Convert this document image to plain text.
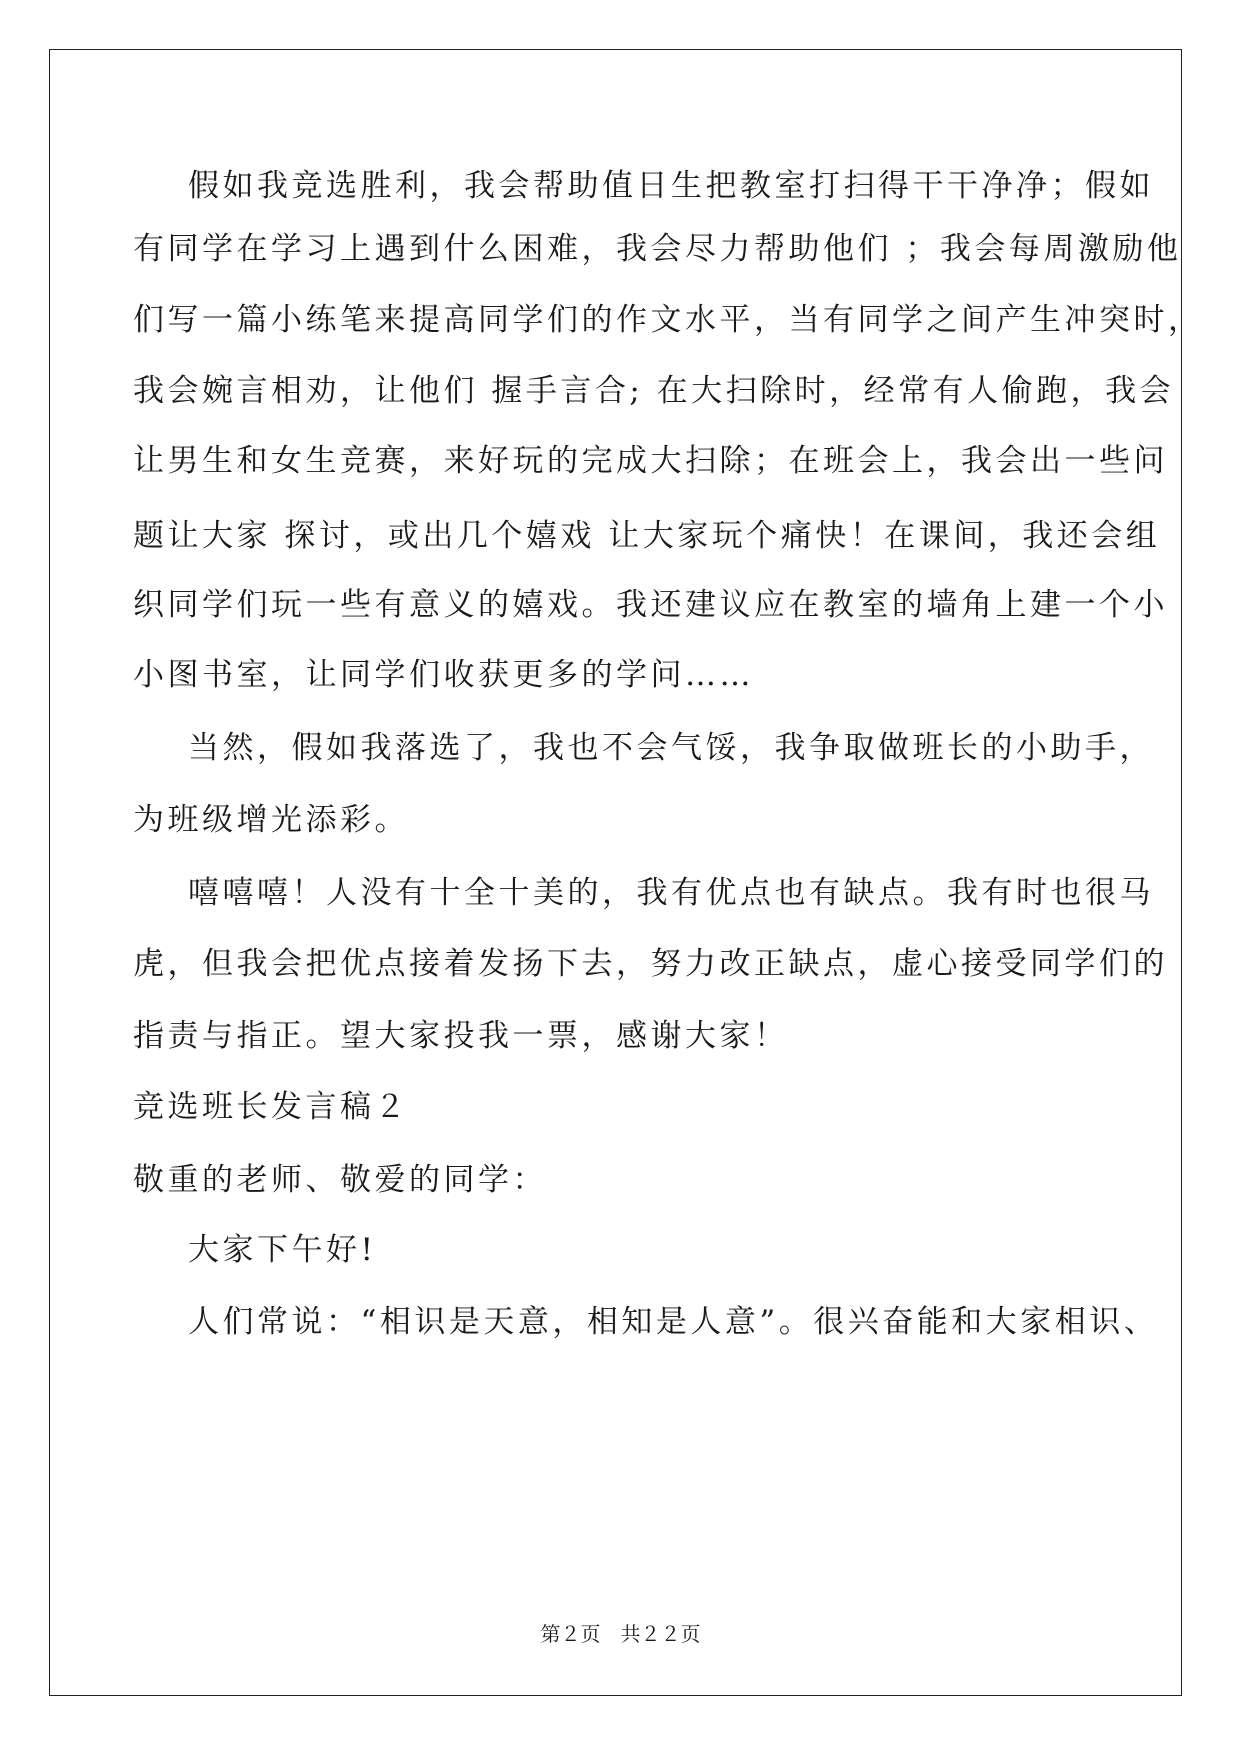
假如我竞选胜利，我会帮助值日生把教室打扫得干干净净；假如
有同学在学习上遇到什么困难，我会尽力帮助他们 ；我会每周激励他
们写一篇小练笔来提高同学们的作文水平，当有同学之间产生冲突时，
我会婉言相劝，让他们 握手言合; 在大扫除时，经常有人偷跑，我会
让男生和女生竞赛，来好玩的完成大扫除；在班会上，我会出一些问
题让大家 探讨，或出几个嬉戏 让大家玩个痛快！在课间，我还会组
织同学们玩一些有意义的嬉戏。我还建议应在教室的墙角上建一个小
小图书室，让同学们收获更多的学问……
当然，假如我落选了，我也不会气馁，我争取做班长的小助手，
为班级增光添彩。
嘻嘻嘻！人没有十全十美的，我有优点也有缺点。我有时也很马
虎，但我会把优点接着发扬下去，努力改正缺点，虚心接受同学们的
指责与指正。望大家投我一票，感谢大家！
竞选班长发言稿２
敬重的老师、敬爱的同学：
大家下午好!
人们常说：“相识是天意，相知是人意”。很兴奋能和大家相识、
第２页　共２２页
